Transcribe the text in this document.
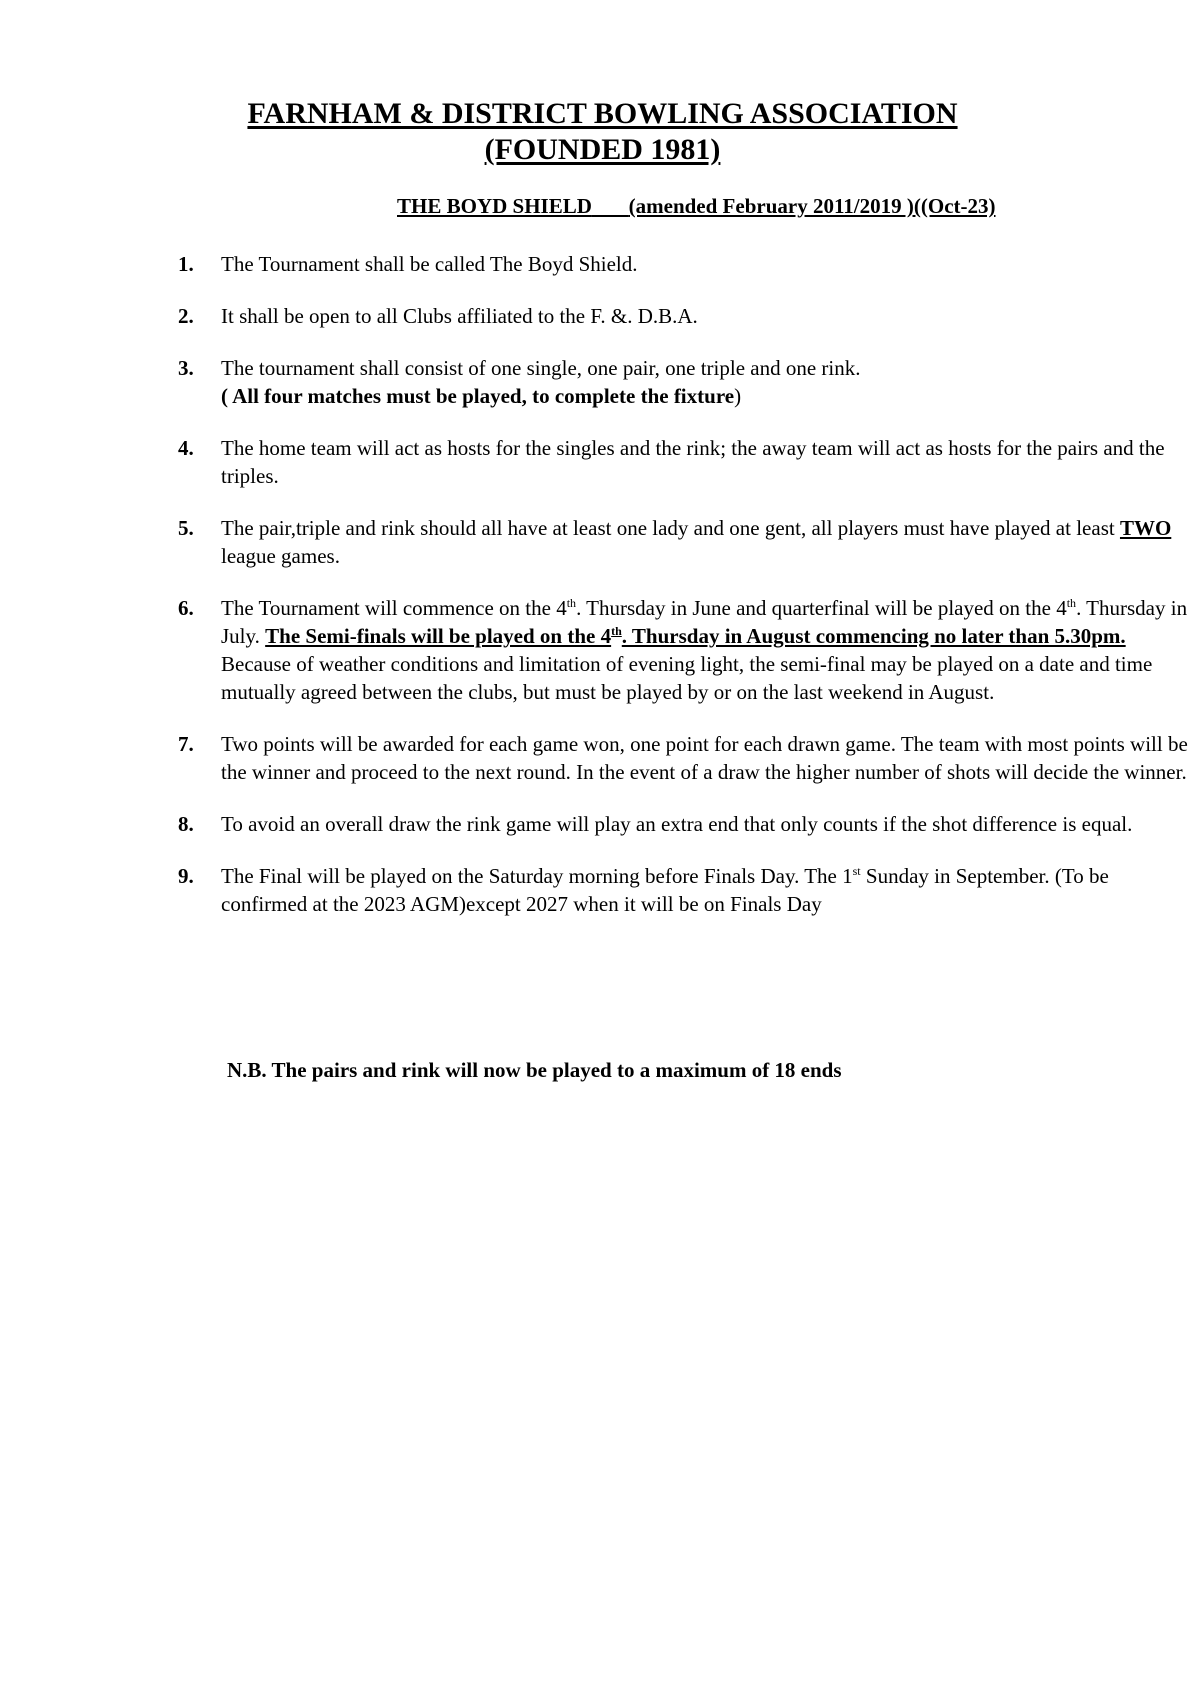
FARNHAM & DISTRICT BOWLING ASSOCIATION
(FOUNDED 1981)
THE BOYD SHIELD (amended February 2011/2019 )((Oct-23)
1. The Tournament shall be called The Boyd Shield.
2. It shall be open to all Clubs affiliated to the F. &. D.B.A.
3. The tournament shall consist of one single, one pair, one triple and one rink.
( All four matches must be played, to complete the fixture)
4. The home team will act as hosts for the singles and the rink; the away team will act as hosts for the pairs and the triples.
5. The pair,triple and rink should all have at least one lady and one gent, all players must have played at least TWO league games.
6. The Tournament will commence on the 4th. Thursday in June and quarterfinal will be played on the 4th. Thursday in July. The Semi-finals will be played on the 4th. Thursday in August commencing no later than 5.30pm. Because of weather conditions and limitation of evening light, the semi-final may be played on a date and time mutually agreed between the clubs, but must be played by or on the last weekend in August.
7. Two points will be awarded for each game won, one point for each drawn game. The team with most points will be the winner and proceed to the next round. In the event of a draw the higher number of shots will decide the winner.
8. To avoid an overall draw the rink game will play an extra end that only counts if the shot difference is equal.
9. The Final will be played on the Saturday morning before Finals Day. The 1st Sunday in September. (To be confirmed at the 2023 AGM)except 2027 when it will be on Finals Day
N.B. The pairs and rink will now be played to a maximum of 18 ends
